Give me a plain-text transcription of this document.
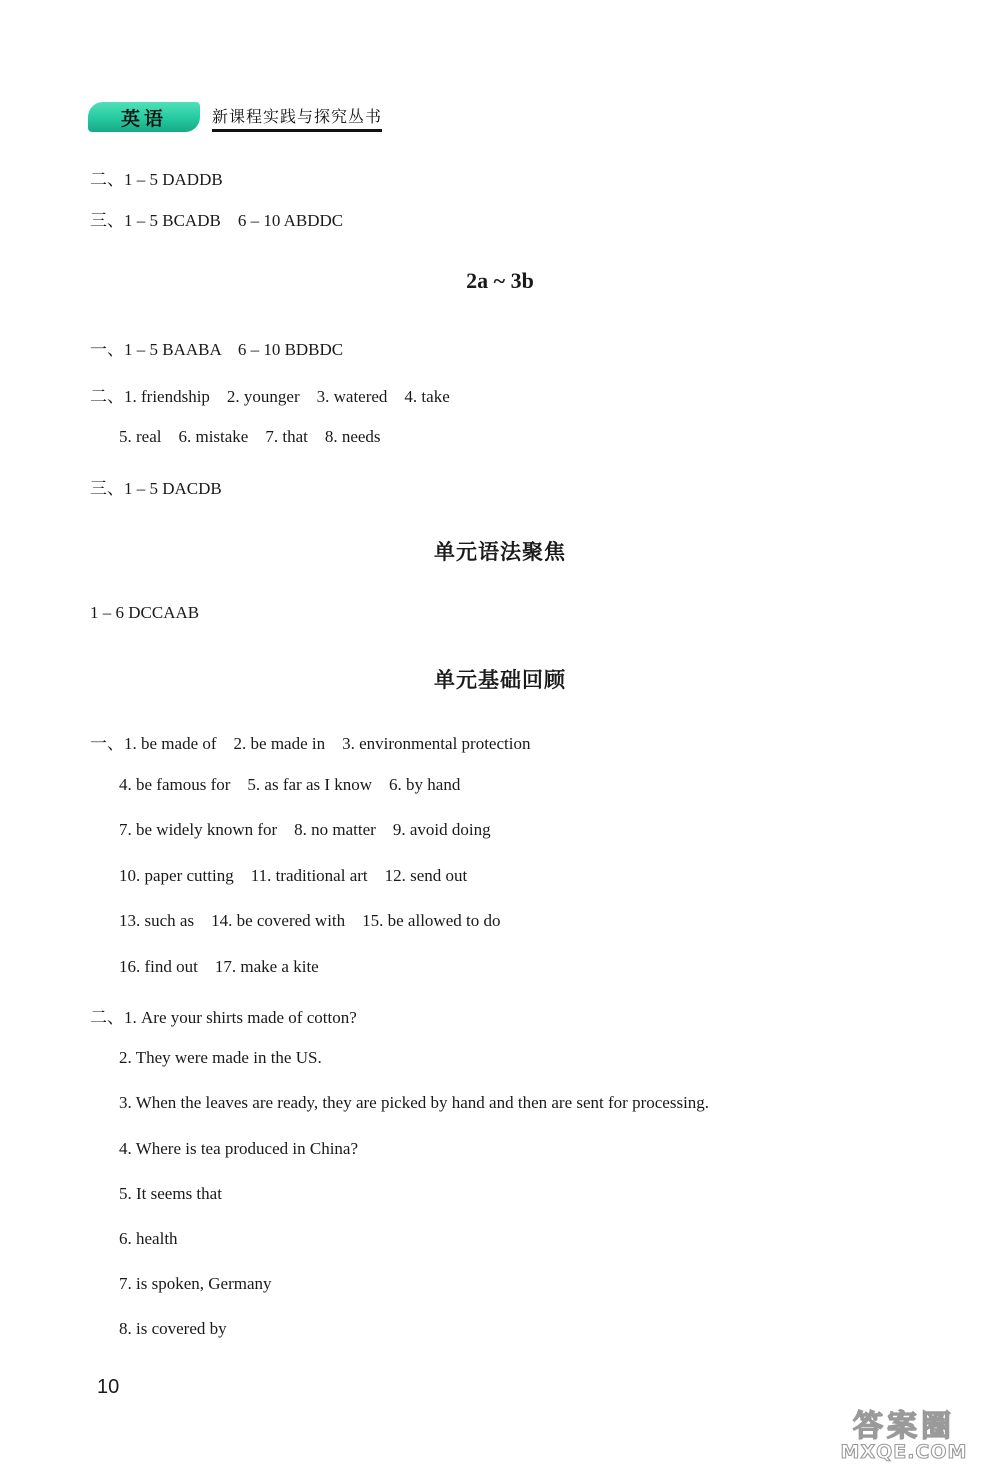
英语	新课程实践与探究丛书
二、1 – 5 DADDB
三、1 – 5 BCADB    6 – 10 ABDDC
2a ~ 3b
一、1 – 5 BAABA    6 – 10 BDBDC
二、1. friendship    2. younger    3. watered    4. take
5. real    6. mistake    7. that    8. needs
三、1 – 5 DACDB
单元语法聚焦
1 – 6 DCCAAB
单元基础回顾
一、1. be made of    2. be made in    3. environmental protection
4. be famous for    5. as far as I know    6. by hand
7. be widely known for    8. no matter    9. avoid doing
10. paper cutting    11. traditional art    12. send out
13. such as    14. be covered with    15. be allowed to do
16. find out    17. make a kite
二、1. Are your shirts made of cotton?
2. They were made in the US.
3. When the leaves are ready, they are picked by hand and then are sent for processing.
4. Where is tea produced in China?
5. It seems that
6. health
7. is spoken, Germany
8. is covered by
10
答案圈
MXQE.COM
